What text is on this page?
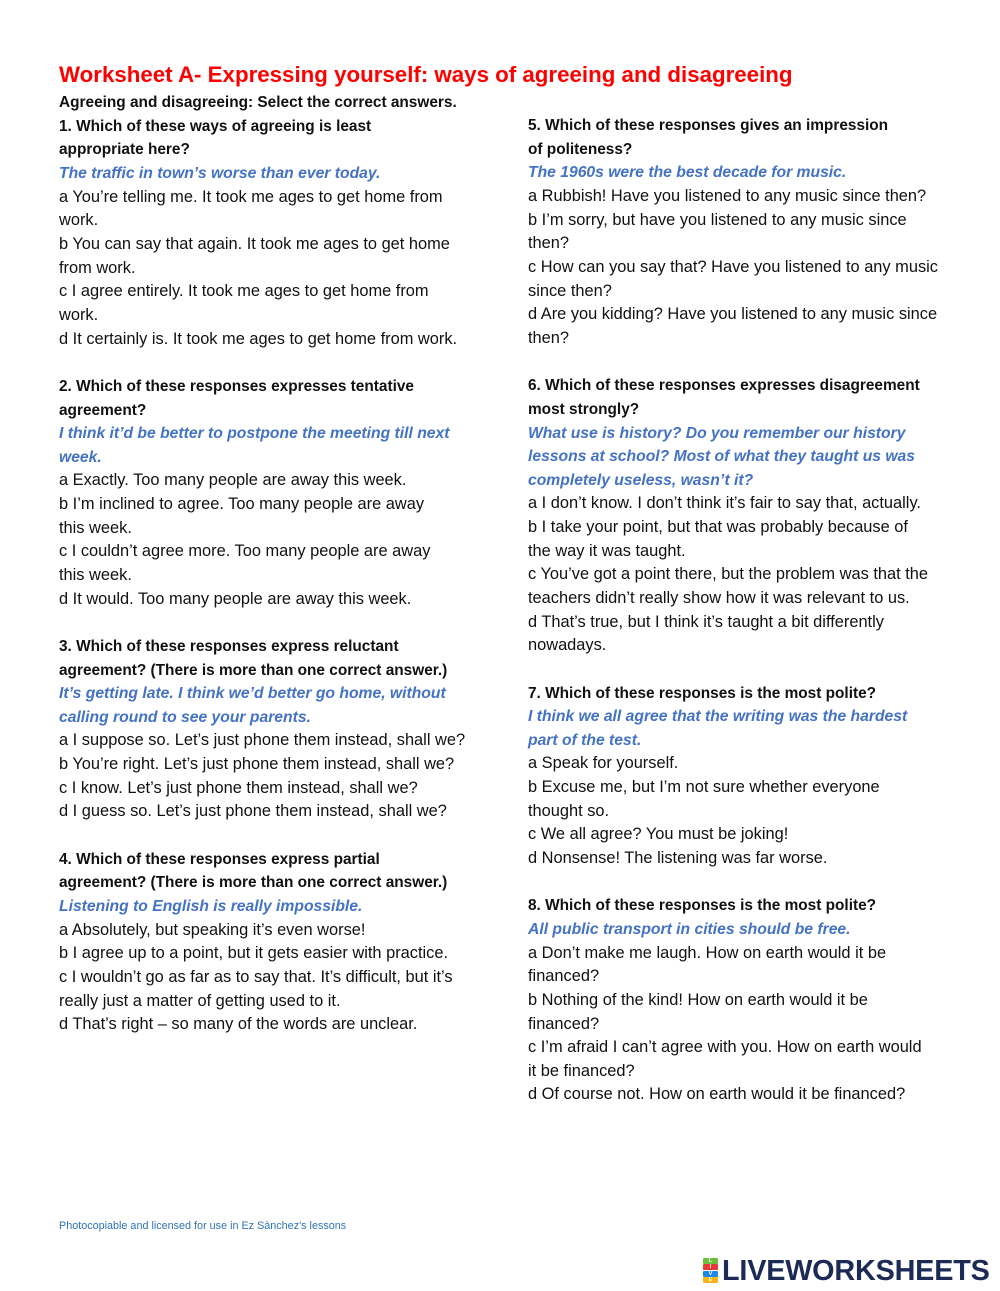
Worksheet A- Expressing yourself: ways of agreeing and disagreeing
Agreeing and disagreeing: Select the correct answers.
1. Which of these ways of agreeing is least
appropriate here?
The traffic in town’s worse than ever today.
a You’re telling me. It took me ages to get home from
work.
b You can say that again. It took me ages to get home
from work.
c I agree entirely. It took me ages to get home from
work.
d It certainly is. It took me ages to get home from work.
2. Which of these responses expresses tentative
agreement?
I think it’d be better to postpone the meeting till next
week.
a Exactly. Too many people are away this week.
b I’m inclined to agree. Too many people are away
this week.
c I couldn’t agree more. Too many people are away
this week.
d It would. Too many people are away this week.
3. Which of these responses express reluctant
agreement? (There is more than one correct answer.)
It’s getting late. I think we’d better go home, without
calling round to see your parents.
a I suppose so. Let’s just phone them instead, shall we?
b You’re right. Let’s just phone them instead, shall we?
c I know. Let’s just phone them instead, shall we?
d I guess so. Let’s just phone them instead, shall we?
4. Which of these responses express partial
agreement? (There is more than one correct answer.)
Listening to English is really impossible.
a Absolutely, but speaking it’s even worse!
b I agree up to a point, but it gets easier with practice.
c I wouldn’t go as far as to say that. It’s difficult, but it’s
really just a matter of getting used to it.
d That’s right – so many of the words are unclear.
5. Which of these responses gives an impression
of politeness?
The 1960s were the best decade for music.
a Rubbish! Have you listened to any music since then?
b I’m sorry, but have you listened to any music since
then?
c How can you say that? Have you listened to any music
since then?
d Are you kidding? Have you listened to any music since
then?
6. Which of these responses expresses disagreement
most strongly?
What use is history? Do you remember our history
lessons at school? Most of what they taught us was
completely useless, wasn’t it?
a I don’t know. I don’t think it’s fair to say that, actually.
b I take your point, but that was probably because of
the way it was taught.
c You’ve got a point there, but the problem was that the
teachers didn’t really show how it was relevant to us.
d That’s true, but I think it’s taught a bit differently
nowadays.
7. Which of these responses is the most polite?
I think we all agree that the writing was the hardest
part of the test.
a Speak for yourself.
b Excuse me, but I’m not sure whether everyone
thought so.
c We all agree? You must be joking!
d Nonsense! The listening was far worse.
8. Which of these responses is the most polite?
All public transport in cities should be free.
a Don’t make me laugh. How on earth would it be
financed?
b Nothing of the kind! How on earth would it be
financed?
c I’m afraid I can’t agree with you. How on earth would
it be financed?
d Of course not. How on earth would it be financed?
Photocopiable and licensed for use in Ez Sànchez's lessons
L
I
V
E LIVEWORKSHEETS
